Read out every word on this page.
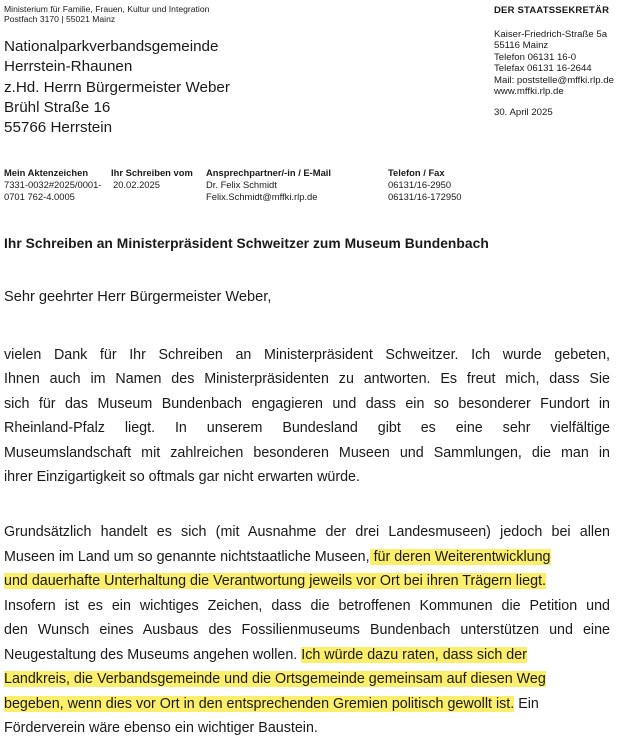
Ministerium für Familie, Frauen, Kultur und Integration
Postfach 3170 | 55021 Mainz
DER STAATSSEKRETÄR
Kaiser-Friedrich-Straße 5a
55116 Mainz
Telefon 06131 16-0
Telefax 06131 16-2644
Mail: poststelle@mffki.rlp.de
www.mffki.rlp.de
30. April 2025
Nationalparkverbandsgemeinde
Herrstein-Rhaunen
z.Hd. Herrn Bürgermeister Weber
Brühl Straße 16
55766 Herrstein
Mein Aktenzeichen Ihr Schreiben vom Ansprechpartner/-in / E-Mail	Telefon / Fax
7331-0032#2025/0001-
0701 762-4.0005
20.02.2025	Dr. Felix Schmidt
Felix.Schmidt@mffki.rlp.de
06131/16-2950
06131/16-172950
Ihr Schreiben an Ministerpräsident Schweitzer zum Museum Bundenbach
Sehr geehrter Herr Bürgermeister Weber,
vielen Dank für Ihr Schreiben an Ministerpräsident Schweitzer. Ich wurde gebeten,
Ihnen auch im Namen des Ministerpräsidenten zu antworten. Es freut mich, dass Sie
sich für das Museum Bundenbach engagieren und dass ein so besonderer Fundort in
Rheinland-Pfalz liegt. In unserem Bundesland gibt es eine sehr vielfältige
Museumslandschaft mit zahlreichen besonderen Museen und Sammlungen, die man in
ihrer Einzigartigkeit so oftmals gar nicht erwarten würde.
Grundsätzlich handelt es sich (mit Ausnahme der drei Landesmuseen) jedoch bei allen
Museen im Land um so genannte nichtstaatliche Museen, für deren Weiterentwicklung
und dauerhafte Unterhaltung die Verantwortung jeweils vor Ort bei ihren Trägern liegt.
Insofern ist es ein wichtiges Zeichen, dass die betroffenen Kommunen die Petition und
den Wunsch eines Ausbaus des Fossilienmuseums Bundenbach unterstützen und eine
Neugestaltung des Museums angehen wollen. Ich würde dazu raten, dass sich der
Landkreis, die Verbandsgemeinde und die Ortsgemeinde gemeinsam auf diesen Weg
begeben, wenn dies vor Ort in den entsprechenden Gremien politisch gewollt ist. Ein
Förderverein wäre ebenso ein wichtiger Baustein.
